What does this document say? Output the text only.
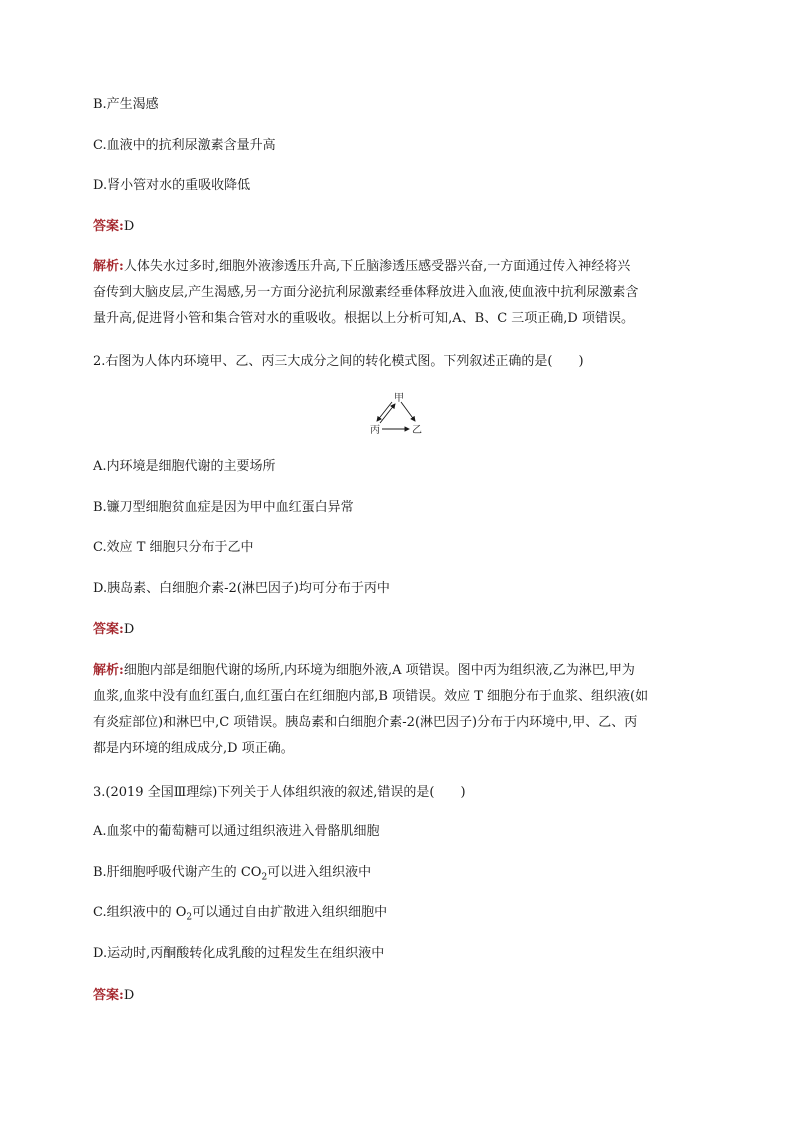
B.产生渴感
C.血液中的抗利尿激素含量升高
D.肾小管对水的重吸收降低
答案:D
解析:人体失水过多时,细胞外液渗透压升高,下丘脑渗透压感受器兴奋,一方面通过传入神经将兴
奋传到大脑皮层,产生渴感,另一方面分泌抗利尿激素经垂体释放进入血液,使血液中抗利尿激素含
量升高,促进肾小管和集合管对水的重吸收。根据以上分析可知,A、B、C 三项正确,D 项错误。
2.右图为人体内环境甲、乙、丙三大成分之间的转化模式图。下列叙述正确的是(　　)
甲
丙	乙
A.内环境是细胞代谢的主要场所
B.镰刀型细胞贫血症是因为甲中血红蛋白异常
C.效应 T 细胞只分布于乙中
D.胰岛素、白细胞介素-2(淋巴因子)均可分布于丙中
答案:D
解析:细胞内部是细胞代谢的场所,内环境为细胞外液,A 项错误。图中丙为组织液,乙为淋巴,甲为
血浆,血浆中没有血红蛋白,血红蛋白在红细胞内部,B 项错误。效应 T 细胞分布于血浆、组织液(如
有炎症部位)和淋巴中,C 项错误。胰岛素和白细胞介素-2(淋巴因子)分布于内环境中,甲、乙、丙
都是内环境的组成成分,D 项正确。
3.(2019 全国Ⅲ理综)下列关于人体组织液的叙述,错误的是(　　)
A.血浆中的葡萄糖可以通过组织液进入骨骼肌细胞
B.肝细胞呼吸代谢产生的 $CO_2$可以进入组织液中
C.组织液中的 $O_2$可以通过自由扩散进入组织细胞中
D.运动时,丙酮酸转化成乳酸的过程发生在组织液中
答案:D
